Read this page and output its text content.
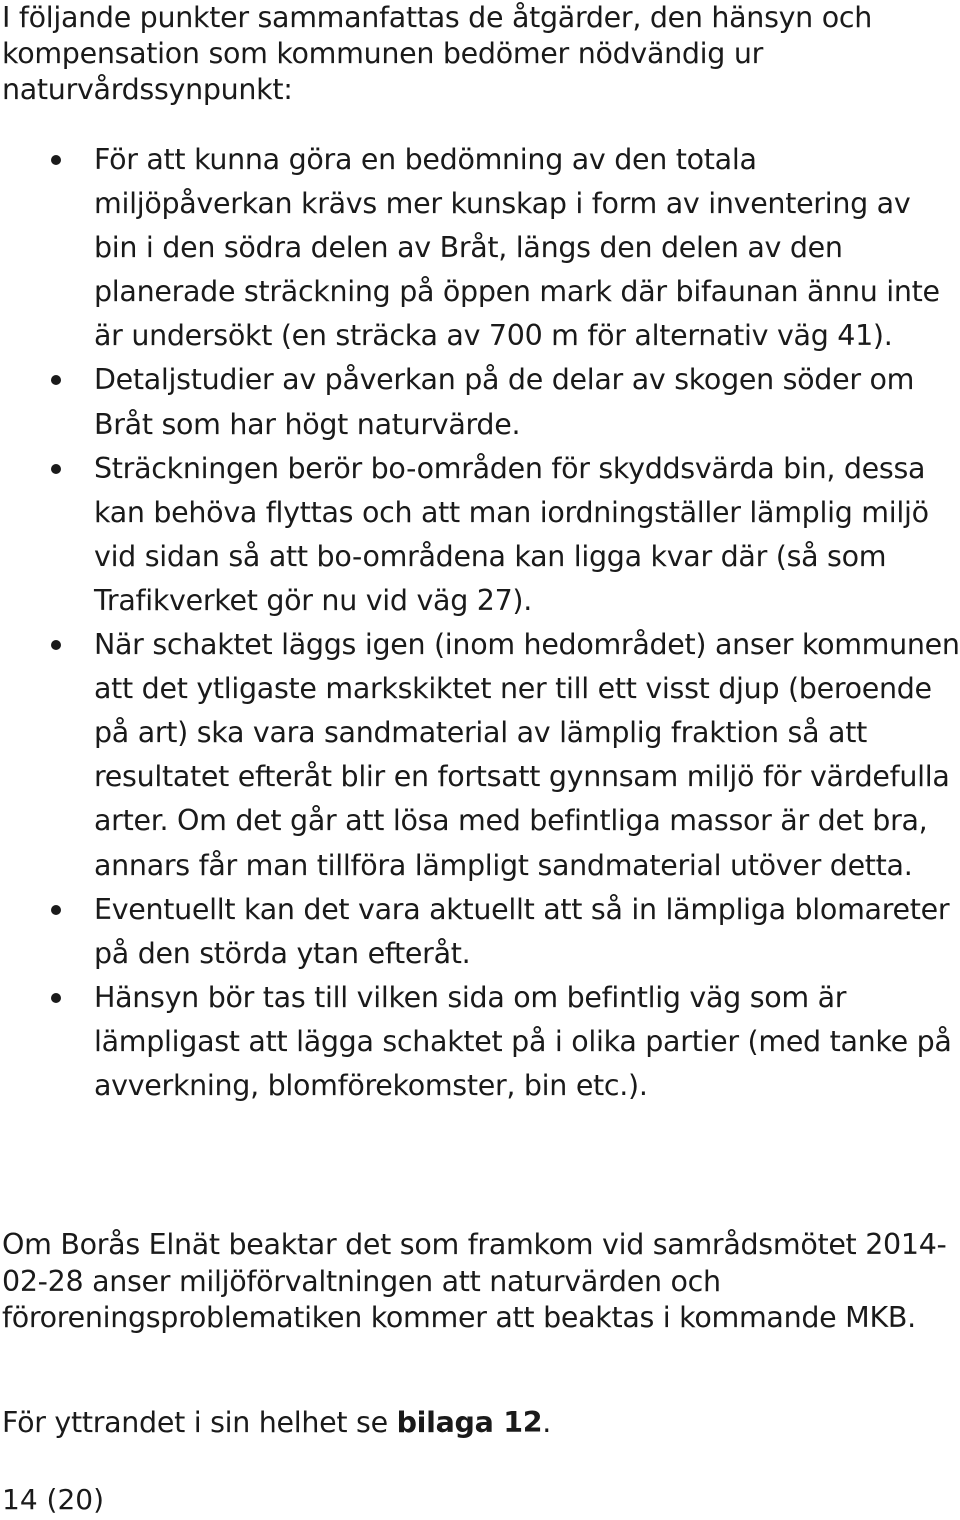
I följande punkter sammanfattas de åtgärder, den hänsyn och kompensation som kommunen bedömer nödvändig ur naturvårdssynpunkt:

För att kunna göra en bedömning av den totala miljöpåverkan krävs mer kunskap i form av inventering av bin i den södra delen av Bråt, längs den delen av den planerade sträckning på öppen mark där bifaunan ännu inte är undersökt (en sträcka av 700 m för alternativ väg 41).
Detaljstudier av påverkan på de delar av skogen söder om Bråt som har högt naturvärde.
Sträckningen berör bo-områden för skyddsvärda bin, dessa kan behöva flyttas och att man iordningställer lämplig miljö vid sidan så att bo-områdena kan ligga kvar där (så som Trafikverket gör nu vid väg 27).
När schaktet läggs igen (inom hedområdet) anser kommunen att det ytligaste markskiktet ner till ett visst djup (beroende på art) ska vara sandmaterial av lämplig fraktion så att resultatet efteråt blir en fortsatt gynnsam miljö för värdefulla arter. Om det går att lösa med befintliga massor är det bra, annars får man tillföra lämpligt sandmaterial utöver detta.
Eventuellt kan det vara aktuellt att så in lämpliga blomareter på den störda ytan efteråt.
Hänsyn bör tas till vilken sida om befintlig väg som är lämpligast att lägga schaktet på i olika partier (med tanke på avverkning, blomförekomster, bin etc.).

Om Borås Elnät beaktar det som framkom vid samrådsmötet 2014-02-28 anser miljöförvaltningen att naturvärden och föroreningsproblematiken kommer att beaktas i kommande MKB.

För yttrandet i sin helhet se bilaga 12.

14 (20)
